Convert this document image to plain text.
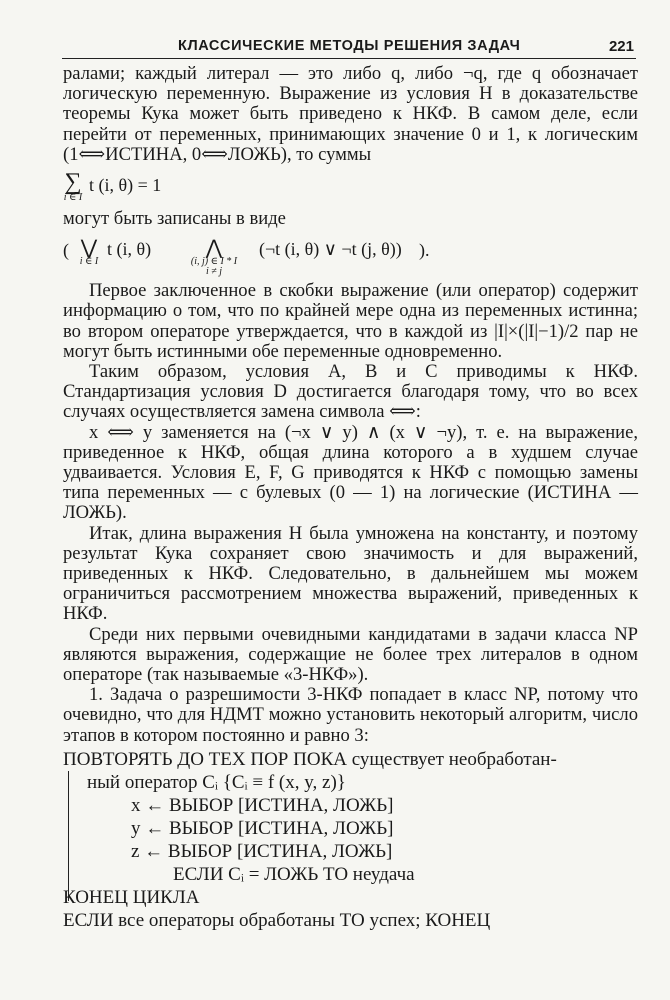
КЛАССИЧЕСКИЕ МЕТОДЫ РЕШЕНИЯ ЗАДАЧ	221

ралами; каждый литерал — это либо q, либо ¬q, где q обозначает логическую переменную. Выражение из условия H в доказательстве теоремы Кука может быть приведено к НКФ. В самом деле, если перейти от переменных, принимающих значение 0 и 1, к логическим (1⟺ИСТИНА, 0⟺ЛОЖЬ), то суммы

∑
i ∈ I
t (i, θ) = 1

могут быть записаны в виде

( ⋁
i ∈ I
t (i, θ)	⋀
(i, j) ∈ I * I
i ≠ j
(¬t (i, θ) ∨ ¬t (j, θ)) ).

Первое заключенное в скобки выражение (или оператор) содержит информацию о том, что по крайней мере одна из переменных истинна; во втором операторе утверждается, что в каждой из |I|×(|I|−1)/2 пар не могут быть истинными обе переменные одновременно.

Таким образом, условия A, B и C приводимы к НКФ. Стандартизация условия D достигается благодаря тому, что во всех случаях осуществляется замена символа ⟺:

x ⟺ y заменяется на (¬x ∨ y) ∧ (x ∨ ¬y), т. е. на выражение, приведенное к НКФ, общая длина которого a в худшем случае удваивается. Условия E, F, G приводятся к НКФ с помощью замены типа переменных — с булевых (0 — 1) на логические (ИСТИНА — ЛОЖЬ).

Итак, длина выражения H была умножена на константу, и поэтому результат Кука сохраняет свою значимость и для выражений, приведенных к НКФ. Следовательно, в дальнейшем мы можем ограничиться рассмотрением множества выражений, приведенных к НКФ.

Среди них первыми очевидными кандидатами в задачи класса NP являются выражения, содержащие не более трех литералов в одном операторе (так называемые «3-НКФ»).

1. Задача о разрешимости 3-НКФ попадает в класс NP, потому что очевидно, что для НДМТ можно установить некоторый алгоритм, число этапов в котором постоянно и равно 3:

ПОВТОРЯТЬ ДО ТЕХ ПОР ПОКА существует необработан-
ный оператор Cᵢ {Cᵢ ≡ f (x, y, z)}
x ← ВЫБОР [ИСТИНА, ЛОЖЬ]
y ← ВЫБОР [ИСТИНА, ЛОЖЬ]
z ← ВЫБОР [ИСТИНА, ЛОЖЬ]
ЕСЛИ Cᵢ = ЛОЖЬ ТО неудача
КОНЕЦ ЦИКЛА
ЕСЛИ все операторы обработаны ТО успех; КОНЕЦ
